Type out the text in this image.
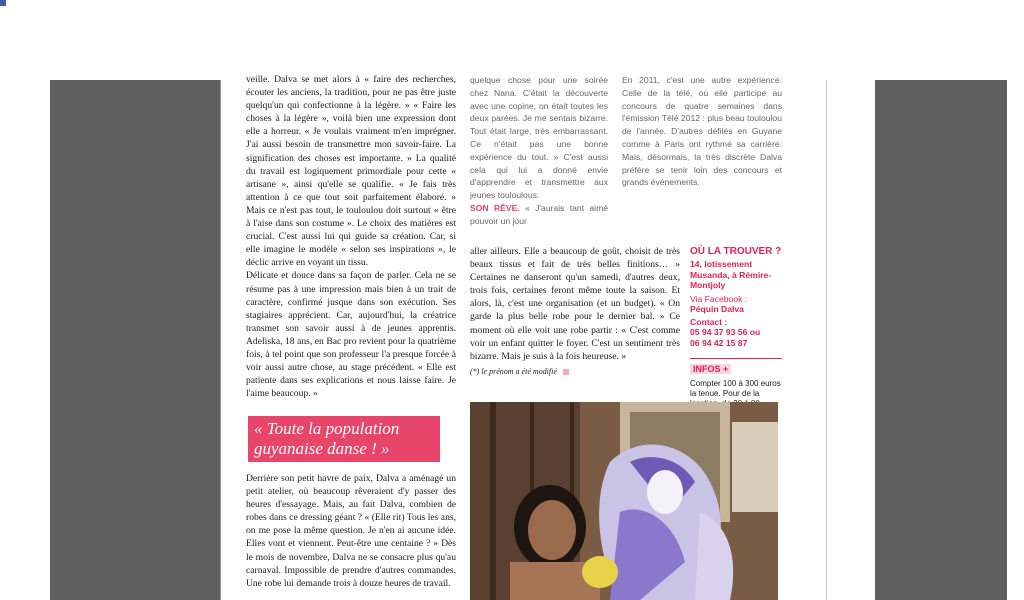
veille. Dalva se met alors à « faire des recherches, écouter les anciens, la tradition, pour ne pas être juste quelqu'un qui confectionne à la légère. » « Faire les choses à la légère », voilà bien une expression dont elle a horreur. « Je voulais vraiment m'en imprégner. J'ai aussi besoin de transmettre mon savoir-faire. La signification des choses est importante. » La qualité du travail est logiquement primordiale pour cette « artisane », ainsi qu'elle se qualifie. « Je fais très attention à ce que tout soit parfaitement élaboré. » Mais ce n'est pas tout, le touloulou doit surtout « être à l'aise dans son costume ». Le choix des matières est crucial. C'est aussi lui qui guide sa création. Car, si elle imagine le modèle « selon ses inspirations », le déclic arrive en voyant un tissu.

Délicate et douce dans sa façon de parler. Cela ne se résume pas à une impression mais bien à un trait de caractère, confirmé jusque dans son exécution. Ses stagiaires apprécient. Car, aujourd'hui, la créatrice transmet son savoir aussi à de jeunes apprentis. Adeliska, 18 ans, en Bac pro revient pour la quatrième fois, à tel point que son professeur l'a presque forcée à voir aussi autre chose, au stage précédent. « Elle est patiente dans ses explications et nous laisse faire. Je l'aime beaucoup. »

« Toute la population
guyanaise danse ! »

Derrière son petit havre de paix, Dalva a aménagé un petit atelier, où beaucoup rêveraient d'y passer des heures d'essayage. Mais, au fait Dalva, combien de robes dans ce dressing géant ? « (Elle rit) Tous les ans, on me pose la même question. Je n'en ai aucune idée. Elles vont et viennent. Peut-être une centaine ? » Dès le mois de novembre, Dalva ne se consacre plus qu'au carnaval. Impossible de prendre d'autres commandes. Une robe lui demande trois à douze heures de travail.

quelque chose pour une soirée chez Nana. C'était la découverte avec une copine, on était toutes les deux parées. Je me sentais bizarre. Tout était large, très embarrassant. Ce n'était pas une bonne expérience du tout. » C'est aussi cela qui lui a donné envie d'apprendre et transmettre aux jeunes touloulous.

SON RÊVE. « J'aurais tant aimé pouvoir un jour

En 2011, c'est une autre expérience. Celle de la télé, où elle participe au concours de quatre semaines dans l'émission Télé 2012 : plus beau touloulou de l'année. D'autres défilés en Guyane comme à Paris ont rythmé sa carrière. Mais, désormais, la très discrète Dalva préfère se tenir loin des concours et grands événements.

aller ailleurs. Elle a beaucoup de goût, choisit de très beaux tissus et fait de très belles finitions… » Certaines ne danseront qu'un samedi, d'autres deux, trois fois, certaines feront même toute la saison. Et alors, là, c'est une organisation (et un budget). « On garde la plus belle robe pour le dernier bal. » Ce moment où elle voit une robe partir : « C'est comme voir un enfant quitter le foyer. C'est un sentiment très bizarre. Mais je suis à la fois heureuse. »

(*) le prénom a été modifié

OÙ LA TROUVER ?
14, lotissement Musanda, à Rémire-Montjoly
Via Facebook :
Péquin Dalva
Contact :
05 94 37 93 56 ou
06 94 42 15 87
INFOS +
Compter 100 à 300 euros la tenue. Pour de la
